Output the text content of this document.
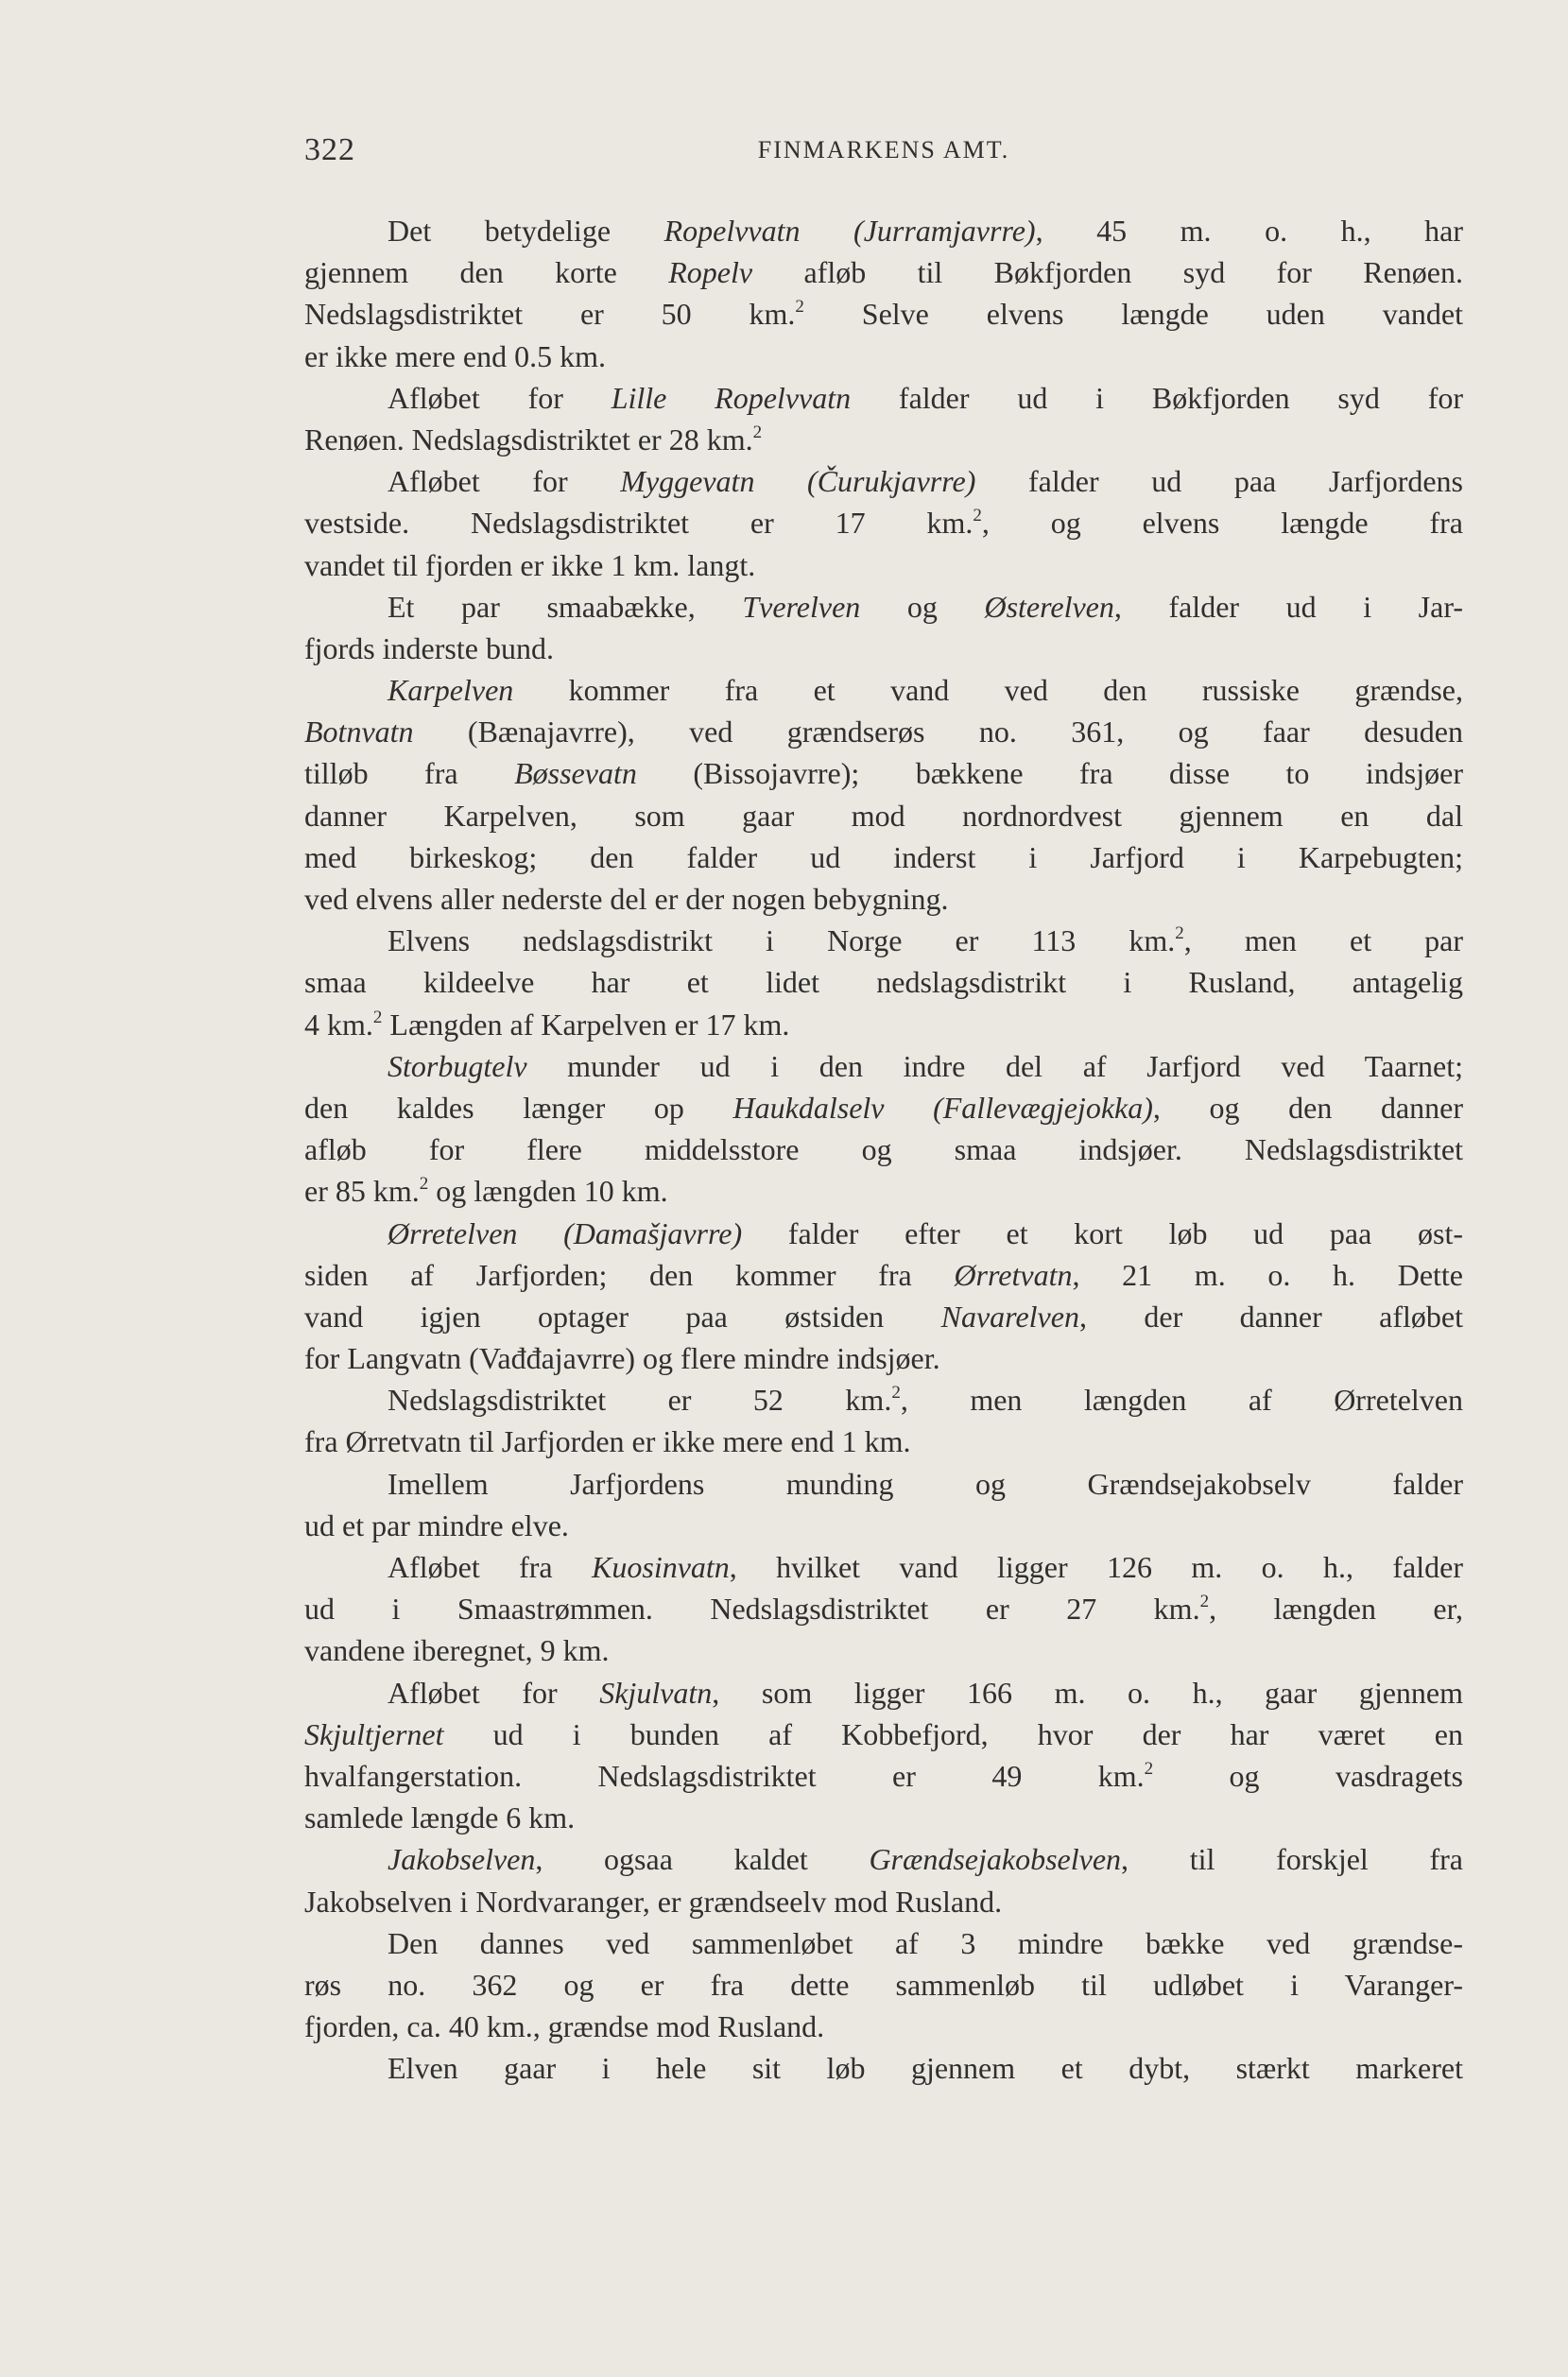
322	FINMARKENS AMT.
Det betydelige Ropelvvatn (Jurramjavrre), 45 m. o. h., har
gjennem den korte Ropelv afløb til Bøkfjorden syd for Renøen.
Nedslagsdistriktet er 50 km.$^2$ Selve elvens længde uden vandet
er ikke mere end 0.5 km.
Afløbet for Lille Ropelvvatn falder ud i Bøkfjorden syd for
Renøen. Nedslagsdistriktet er 28 km.$^2$
Afløbet for Myggevatn (Čurukjavrre) falder ud paa Jarfjordens
vestside. Nedslagsdistriktet er 17 km.$^2$, og elvens længde fra
vandet til fjorden er ikke 1 km. langt.
Et par smaabække, Tverelven og Østerelven, falder ud i Jar-
fjords inderste bund.
Karpelven kommer fra et vand ved den russiske grændse,
Botnvatn (Bænajavrre), ved grændserøs no. 361, og faar desuden
tilløb fra Bøssevatn (Bissojavrre); bækkene fra disse to indsjøer
danner Karpelven, som gaar mod nordnordvest gjennem en dal
med birkeskog; den falder ud inderst i Jarfjord i Karpebugten;
ved elvens aller nederste del er der nogen bebygning.
Elvens nedslagsdistrikt i Norge er 113 km.$^2$, men et par
smaa kildeelve har et lidet nedslagsdistrikt i Rusland, antagelig
4 km.$^2$ Længden af Karpelven er 17 km.
Storbugtelv munder ud i den indre del af Jarfjord ved Taarnet;
den kaldes længer op Haukdalselv (Fallevægjejokka), og den danner
afløb for flere middelsstore og smaa indsjøer. Nedslagsdistriktet
er 85 km.$^2$ og længden 10 km.
Ørretelven (Damašjavrre) falder efter et kort løb ud paa øst-
siden af Jarfjorden; den kommer fra Ørretvatn, 21 m. o. h. Dette
vand igjen optager paa østsiden Navarelven, der danner afløbet
for Langvatn (Vađđajavrre) og flere mindre indsjøer.
Nedslagsdistriktet er 52 km.$^2$, men længden af Ørretelven
fra Ørretvatn til Jarfjorden er ikke mere end 1 km.
Imellem Jarfjordens munding og Grændsejakobselv falder
ud et par mindre elve.
Afløbet fra Kuosinvatn, hvilket vand ligger 126 m. o. h., falder
ud i Smaastrømmen. Nedslagsdistriktet er 27 km.$^2$, længden er,
vandene iberegnet, 9 km.
Afløbet for Skjulvatn, som ligger 166 m. o. h., gaar gjennem
Skjultjernet ud i bunden af Kobbefjord, hvor der har været en
hvalfangerstation. Nedslagsdistriktet er 49 km.$^2$ og vasdragets
samlede længde 6 km.
Jakobselven, ogsaa kaldet Grændsejakobselven, til forskjel fra
Jakobselven i Nordvaranger, er grændseelv mod Rusland.
Den dannes ved sammenløbet af 3 mindre bække ved grændse-
røs no. 362 og er fra dette sammenløb til udløbet i Varanger-
fjorden, ca. 40 km., grændse mod Rusland.
Elven gaar i hele sit løb gjennem et dybt, stærkt markeret
